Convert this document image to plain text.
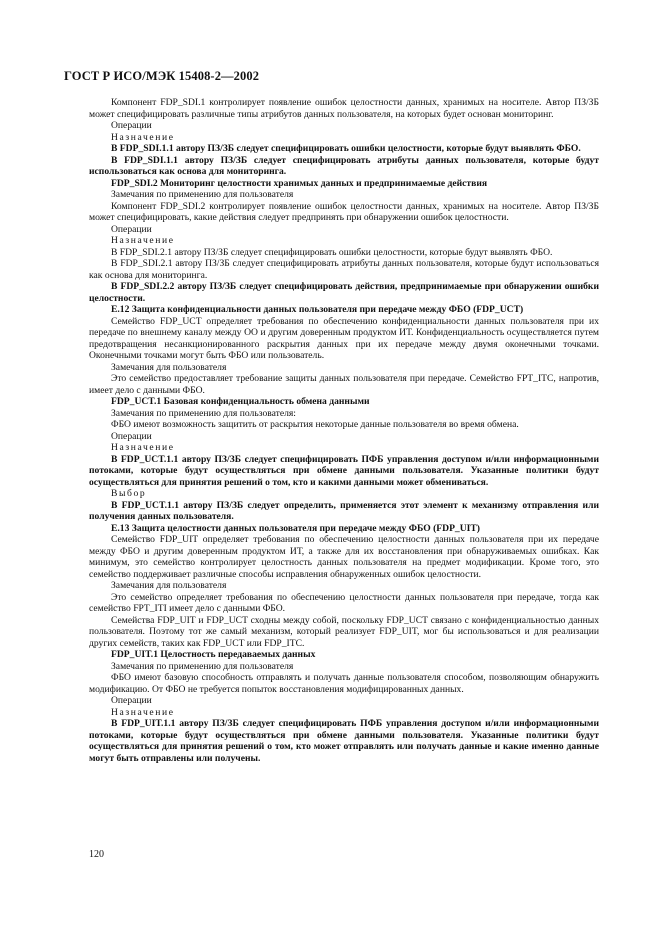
ГОСТ Р ИСО/МЭК 15408-2—2002

Компонент FDP_SDI.1 контролирует появление ошибок целостности данных, хранимых на носителе. Автор ПЗ/ЗБ может специфицировать различные типы атрибутов данных пользователя, на которых будет основан мониторинг.

Операции

Назначение

В FDP_SDI.1.1 автору ПЗ/ЗБ следует специфицировать ошибки целостности, которые будут выявлять ФБО.

В FDP_SDI.1.1 автору ПЗ/ЗБ следует специфицировать атрибуты данных пользователя, которые будут использоваться как основа для мониторинга.

FDP_SDI.2 Мониторинг целостности хранимых данных и предпринимаемые действия

Замечания по применению для пользователя

Компонент FDP_SDI.2 контролирует появление ошибок целостности данных, хранимых на носителе. Автор ПЗ/ЗБ может специфицировать, какие действия следует предпринять при обнаружении ошибок целостности.

Операции

Назначение

В FDP_SDI.2.1 автору ПЗ/ЗБ следует специфицировать ошибки целостности, которые будут выявлять ФБО.

В FDP_SDI.2.1 автору ПЗ/ЗБ следует специфицировать атрибуты данных пользователя, которые будут использоваться как основа для мониторинга.

В FDP_SDI.2.2 автору ПЗ/ЗБ следует специфицировать действия, предпринимаемые при обнаружении ошибки целостности.

Е.12 Защита конфиденциальности данных пользователя при передаче между ФБО (FDP_UCT)

Семейство FDP_UCT определяет требования по обеспечению конфиденциальности данных пользователя при их передаче по внешнему каналу между ОО и другим доверенным продуктом ИТ. Конфиденциальность осуществляется путем предотвращения несанкционированного раскрытия данных при их передаче между двумя оконечными точками. Оконечными точками могут быть ФБО или пользователь.

Замечания для пользователя

Это семейство предоставляет требование защиты данных пользователя при передаче. Семейство FPT_ITC, напротив, имеет дело с данными ФБО.

FDP_UCT.1 Базовая конфиденциальность обмена данными

Замечания по применению для пользователя:

ФБО имеют возможность защитить от раскрытия некоторые данные пользователя во время обмена.

Операции

Назначение

В FDP_UCT.1.1 автору ПЗ/ЗБ следует специфицировать ПФБ управления доступом и/или информационными потоками, которые будут осуществляться при обмене данными пользователя. Указанные политики будут осуществляться для принятия решений о том, кто и какими данными может обмениваться.

Выбор

В FDP_UCT.1.1 автору ПЗ/ЗБ следует определить, применяется этот элемент к механизму отправления или получения данных пользователя.

Е.13 Защита целостности данных пользователя при передаче между ФБО (FDP_UIT)

Семейство FDP_UIT определяет требования по обеспечению целостности данных пользователя при их передаче между ФБО и другим доверенным продуктом ИТ, а также для их восстановления при обнаруживаемых ошибках. Как минимум, это семейство контролирует целостность данных пользователя на предмет модификации. Кроме того, это семейство поддерживает различные способы исправления обнаруженных ошибок целостности.

Замечания для пользователя

Это семейство определяет требования по обеспечению целостности данных пользователя при передаче, тогда как семейство FPT_ITI имеет дело с данными ФБО.

Семейства FDP_UIT и FDP_UCT сходны между собой, поскольку FDP_UCT связано с конфиденциальностью данных пользователя. Поэтому тот же самый механизм, который реализует FDP_UIT, мог бы использоваться и для реализации других семейств, таких как FDP_UCT или FDP_ITC.

FDP_UIT.1 Целостность передаваемых данных

Замечания по применению для пользователя

ФБО имеют базовую способность отправлять и получать данные пользователя способом, позволяющим обнаружить модификацию. От ФБО не требуется попыток восстановления модифицированных данных.

Операции

Назначение

В FDP_UIT.1.1 автору ПЗ/ЗБ следует специфицировать ПФБ управления доступом и/или информационными потоками, которые будут осуществляться при обмене данными пользователя. Указанные политики будут осуществляться для принятия решений о том, кто может отправлять или получать данные и какие именно данные могут быть отправлены или получены.

120
